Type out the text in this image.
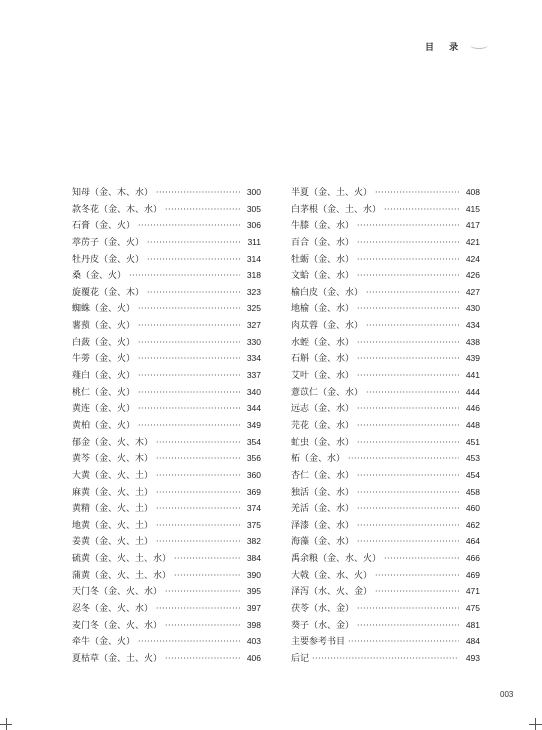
目 录
知母（金、木、水） ·····	300
款冬花（金、木、水） ·····	305
石膏（金、火） ·····	306
葶苈子（金、火） ·····	311
牡丹皮（金、火） ·····	314
桑（金、火） ·····	318
旋覆花（金、木） ·····	323
蜘蛛（金、火） ·····	325
薯蓣（金、火） ·····	327
白蔹（金、火） ·····	330
牛蒡（金、火） ·····	334
薤白（金、火） ·····	337
桃仁（金、火） ·····	340
黄连（金、火） ·····	344
黄柏（金、火） ·····	349
郁金（金、火、木） ·····	354
黄芩（金、火、木） ·····	356
大黄（金、火、土） ·····	360
麻黄（金、火、土） ·····	369
黄精（金、火、土） ·····	374
地黄（金、火、土） ·····	375
姜黄（金、火、土） ·····	382
硫黄（金、火、土、水） ·····	384
蒲黄（金、火、土、水） ·····	390
天门冬（金、火、水） ·····	395
忍冬（金、火、水） ·····	397
麦门冬（金、火、水） ·····	398
牵牛（金、火） ·····	403
夏枯草（金、土、火） ·····	406
半夏（金、土、火） ·····	408
白茅根（金、土、水） ·····	415
牛膝（金、水） ·····	417
百合（金、水） ·····	421
牡蛎（金、水） ·····	424
文蛤（金、水） ·····	426
榆白皮（金、水） ·····	427
地榆（金、水） ·····	430
肉苁蓉（金、水） ·····	434
水蛭（金、水） ·····	438
石斛（金、水） ·····	439
艾叶（金、水） ·····	441
薏苡仁（金、水） ·····	444
远志（金、水） ·····	446
芫花（金、水） ·····	448
虻虫（金、水） ·····	451
柘（金、水） ·····	453
杏仁（金、水） ·····	454
独活（金、水） ·····	458
羌活（金、水） ·····	460
泽漆（金、水） ·····	462
海藻（金、水） ·····	464
禹余粮（金、水、火） ·····	466
大戟（金、水、火） ·····	469
泽泻（水、火、金） ·····	471
茯苓（水、金） ·····	475
葵子（水、金） ·····	481
主要参考书目 ·····	484
后记 ·····	493
003
